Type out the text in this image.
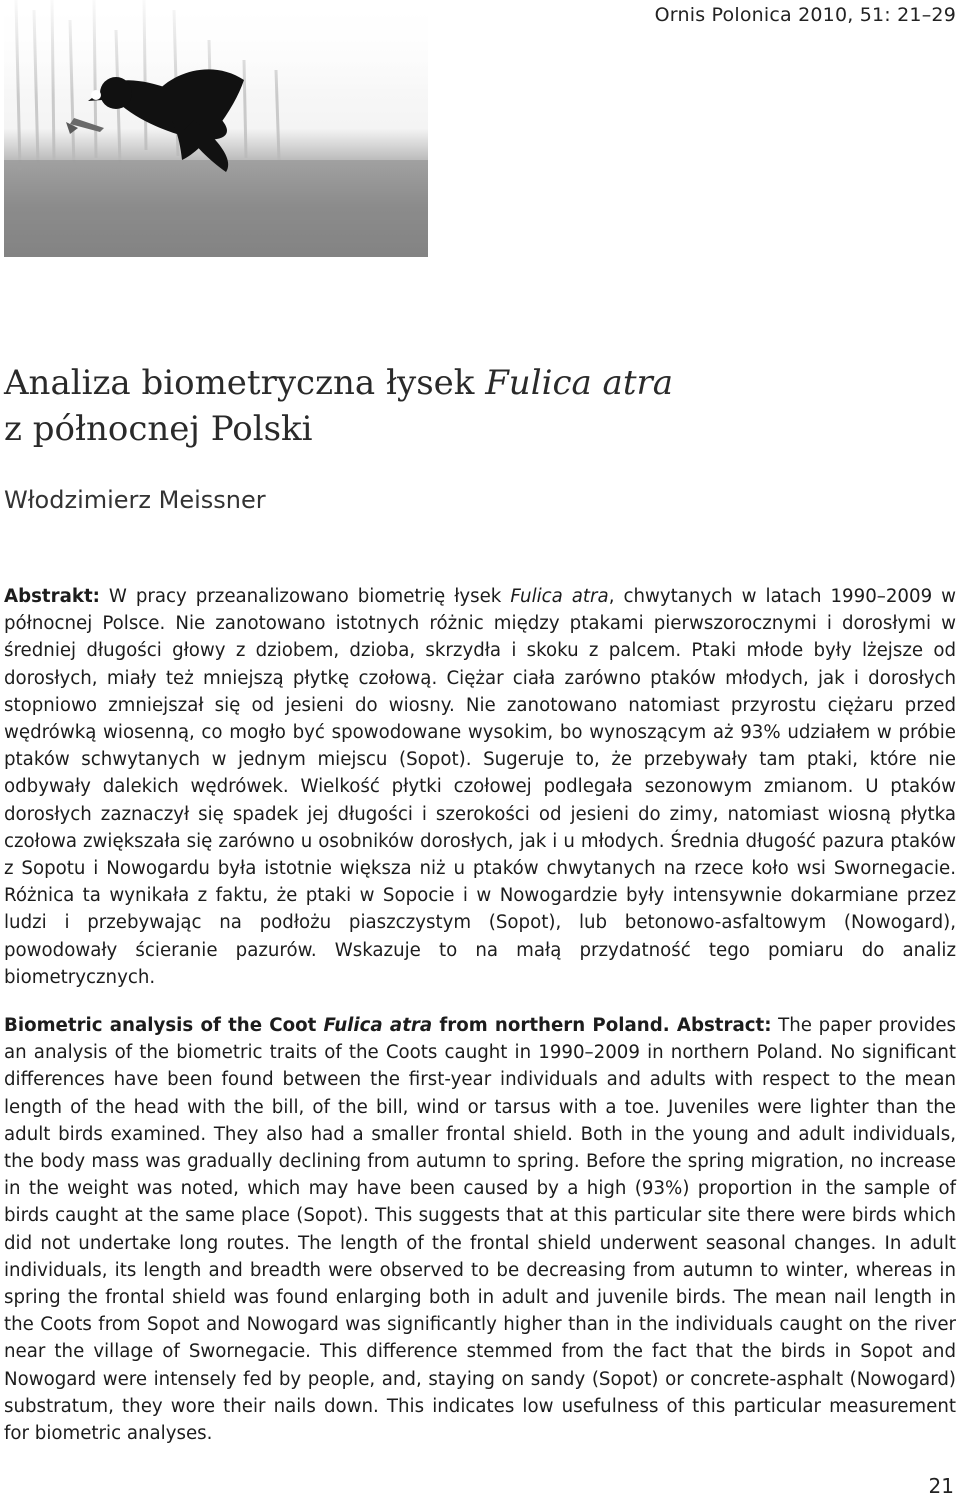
Ornis Polonica 2010, 51: 21–29
Analiza biometryczna łysek Fulica atra
z północnej Polski
Włodzimierz Meissner
Abstrakt: W pracy przeanalizowano biometrię łysek Fulica atra, chwytanych w latach 1990–2009 w północnej Polsce. Nie zanotowano istotnych różnic między ptakami pierwszorocznymi i dorosłymi w średniej długości głowy z dziobem, dzioba, skrzydła i skoku z palcem. Ptaki młode były lżejsze od dorosłych, miały też mniejszą płytkę czołową. Ciężar ciała zarówno ptaków młodych, jak i dorosłych stopniowo zmniejszał się od jesieni do wiosny. Nie zanotowano natomiast przyrostu ciężaru przed wędrówką wiosenną, co mogło być spowodowane wysokim, bo wynoszącym aż 93% udziałem w próbie ptaków schwytanych w jednym miejscu (Sopot). Sugeruje to, że przebywały tam ptaki, które nie odbywały dalekich wędrówek. Wielkość płytki czołowej podlegała sezonowym zmianom. U ptaków dorosłych zaznaczył się spadek jej długości i szerokości od jesieni do zimy, natomiast wiosną płytka czołowa zwiększała się zarówno u osobników dorosłych, jak i u młodych. Średnia długość pazura ptaków z Sopotu i Nowogardu była istotnie większa niż u ptaków chwytanych na rzece koło wsi Swornegacie. Różnica ta wynikała z faktu, że ptaki w Sopocie i w Nowogardzie były intensywnie dokarmiane przez ludzi i przebywając na podłożu piaszczystym (Sopot), lub betonowo-asfaltowym (Nowogard), powodowały ścieranie pazurów. Wskazuje to na małą przydatność tego pomiaru do analiz biometrycznych.
Biometric analysis of the Coot Fulica atra from northern Poland. Abstract: The paper provides an analysis of the biometric traits of the Coots caught in 1990–2009 in northern Poland. No significant differences have been found between the first-year individuals and adults with respect to the mean length of the head with the bill, of the bill, wind or tarsus with a toe. Juveniles were lighter than the adult birds examined. They also had a smaller frontal shield. Both in the young and adult individuals, the body mass was gradually declining from autumn to spring. Before the spring migration, no increase in the weight was noted, which may have been caused by a high (93%) proportion in the sample of birds caught at the same place (Sopot). This suggests that at this particular site there were birds which did not undertake long routes. The length of the frontal shield underwent seasonal changes. In adult individuals, its length and breadth were observed to be decreasing from autumn to winter, whereas in spring the frontal shield was found enlarging both in adult and juvenile birds. The mean nail length in the Coots from Sopot and Nowogard was significantly higher than in the individuals caught on the river near the village of Swornegacie. This difference stemmed from the fact that the birds in Sopot and Nowogard were intensely fed by people, and, staying on sandy (Sopot) or concrete-asphalt (Nowogard) substratum, they wore their nails down. This indicates low usefulness of this particular measurement for biometric analyses.
21
